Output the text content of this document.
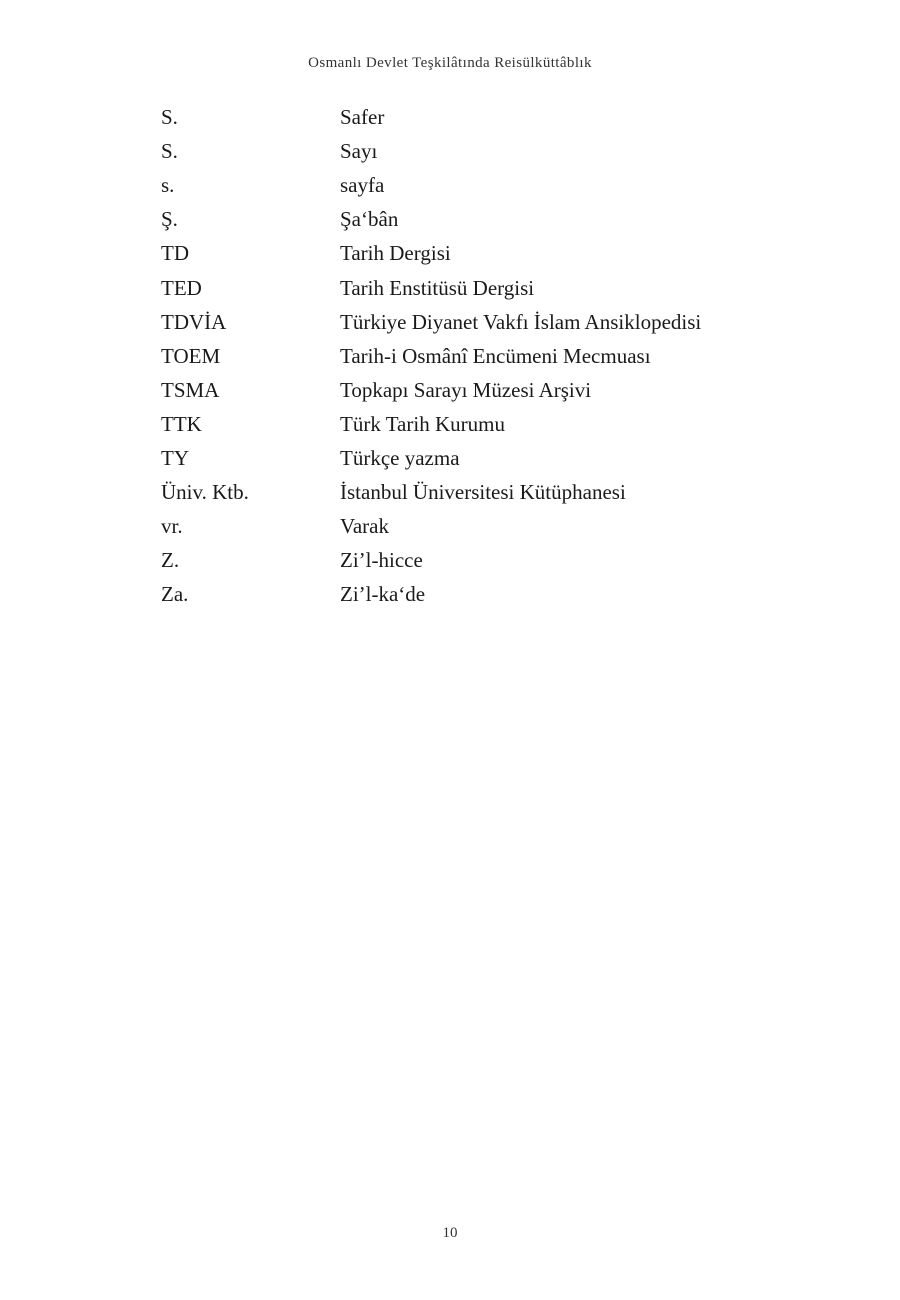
Osmanlı Devlet Teşkilâtında Reisülküttâblık
S.	Safer
S.	Sayı
s.	sayfa
Ş.	Şa‘bân
TD	Tarih Dergisi
TED	Tarih Enstitüsü Dergisi
TDVİA	Türkiye Diyanet Vakfı İslam Ansiklopedisi
TOEM	Tarih-i Osmânî Encümeni Mecmuası
TSMA	Topkapı Sarayı Müzesi Arşivi
TTK	Türk Tarih Kurumu
TY	Türkçe yazma
Üniv. Ktb.	İstanbul Üniversitesi Kütüphanesi
vr.	Varak
Z.	Zi’l-hicce
Za.	Zi’l-ka‘de
10
